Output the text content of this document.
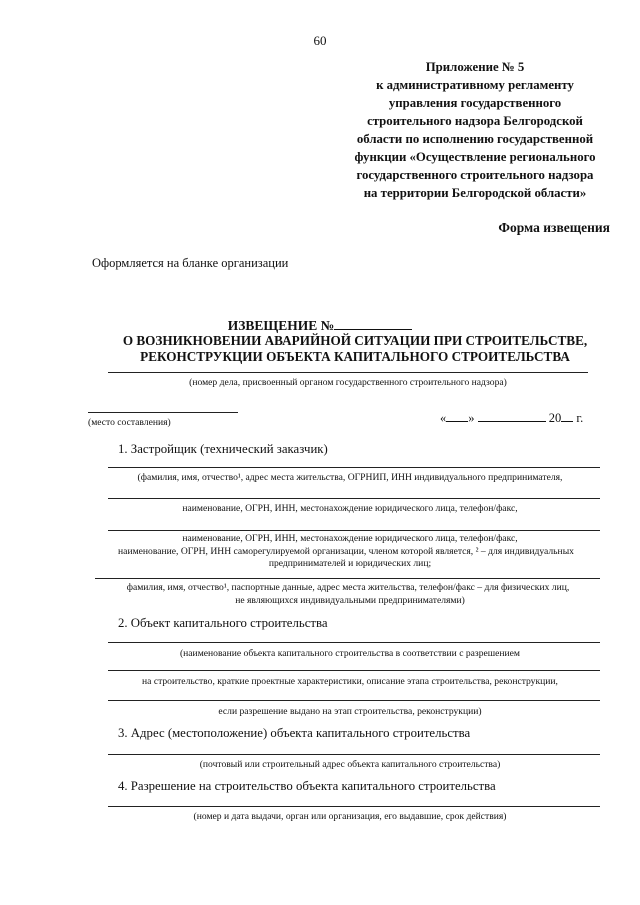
60
Приложение № 5
к административному регламенту
управления государственного
строительного надзора Белгородской
области по исполнению государственной
функции «Осуществление регионального
государственного строительного надзора
на территории Белгородской области»
Форма извещения
Оформляется на бланке организации
ИЗВЕЩЕНИЕ №
О ВОЗНИКНОВЕНИИ АВАРИЙНОЙ СИТУАЦИИ ПРИ СТРОИТЕЛЬСТВЕ,
РЕКОНСТРУКЦИИ ОБЪЕКТА КАПИТАЛЬНОГО СТРОИТЕЛЬСТВА
(номер дела, присвоенный органом государственного строительного надзора)
(место составления)	« »	20 г.
1. Застройщик (технический заказчик)
(фамилия, имя, отчество¹, адрес места жительства, ОГРНИП, ИНН индивидуального предпринимателя,
наименование, ОГРН, ИНН, местонахождение юридического лица, телефон/факс,
наименование, ОГРН, ИНН, местонахождение юридического лица, телефон/факс,
наименование, ОГРН, ИНН саморегулируемой организации, членом которой является, ² – для индивидуальных
предпринимателей и юридических лиц;
фамилия, имя, отчество¹, паспортные данные, адрес места жительства, телефон/факс – для физических лиц,
не являющихся индивидуальными предпринимателями)
2. Объект капитального строительства
(наименование объекта капитального строительства в соответствии с разрешением
на строительство, краткие проектные характеристики, описание этапа строительства, реконструкции,
если разрешение выдано на этап строительства, реконструкции)
3. Адрес (местоположение) объекта капитального строительства
(почтовый или строительный адрес объекта капитального строительства)
4. Разрешение на строительство объекта капитального строительства
(номер и дата выдачи, орган или организация, его выдавшие, срок действия)
